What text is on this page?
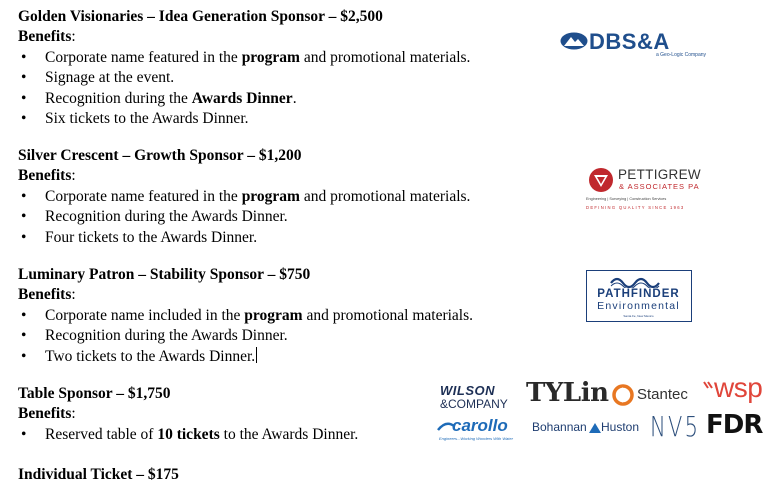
Golden Visionaries – Idea Generation Sponsor – $2,500
Benefits:
• Corporate name featured in the program and promotional materials.
• Signage at the event.
• Recognition during the Awards Dinner.
• Six tickets to the Awards Dinner.
Silver Crescent – Growth Sponsor – $1,200
Benefits:
• Corporate name featured in the program and promotional materials.
• Recognition during the Awards Dinner.
• Four tickets to the Awards Dinner.
Luminary Patron – Stability Sponsor – $750
Benefits:
• Corporate name included in the program and promotional materials.
• Recognition during the Awards Dinner.
• Two tickets to the Awards Dinner.
Table Sponsor – $1,750
Benefits:
• Reserved table of 10 tickets to the Awards Dinner.
Individual Ticket – $175
DBS&A
a Geo-Logic Company
PETTIGREW
& ASSOCIATES PA
Engineering | Surveying | Construction Services
DEFINING QUALITY SINCE 1963
PATHFINDER
Environmental
Santa Fe, New Mexico
WILSON
&COMPANY TYLin Stantec wsp
carollo
Engineers...Working Wonders With Water
Bohannan Huston NV5 FDR
